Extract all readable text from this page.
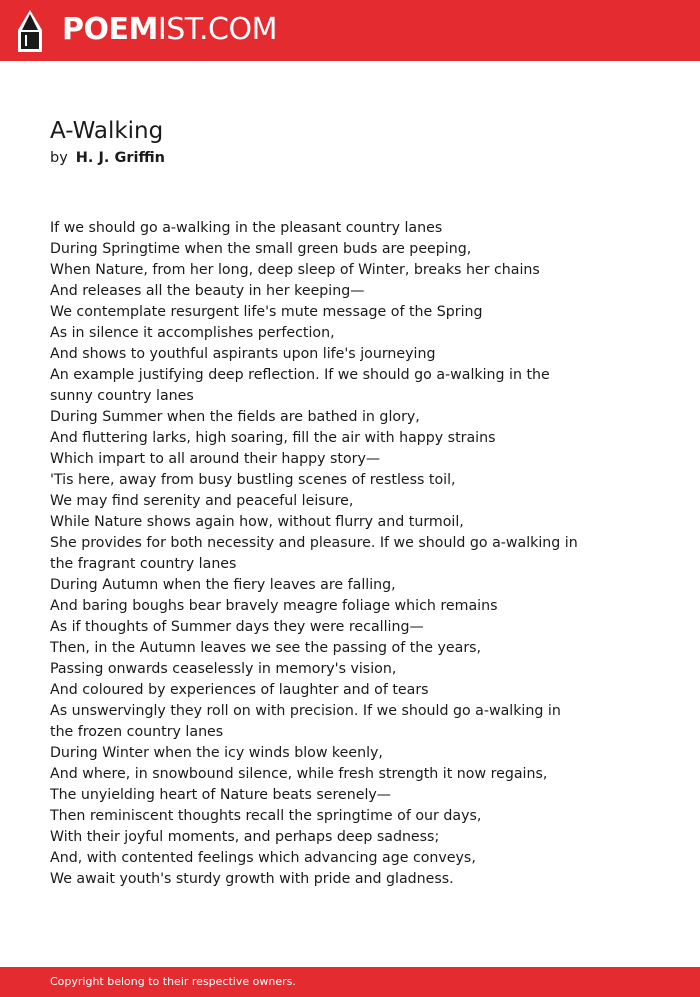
POEMIST.COM
A-Walking
by H. J. Griffin
If we should go a-walking in the pleasant country lanes
During Springtime when the small green buds are peeping,
When Nature, from her long, deep sleep of Winter, breaks her chains
And releases all the beauty in her keeping—
We contemplate resurgent life's mute message of the Spring
As in silence it accomplishes perfection,
And shows to youthful aspirants upon life's journeying
An example justifying deep reflection. If we should go a-walking in the
sunny country lanes
During Summer when the fields are bathed in glory,
And fluttering larks, high soaring, fill the air with happy strains
Which impart to all around their happy story—
'Tis here, away from busy bustling scenes of restless toil,
We may find serenity and peaceful leisure,
While Nature shows again how, without flurry and turmoil,
She provides for both necessity and pleasure. If we should go a-walking in
the fragrant country lanes
During Autumn when the fiery leaves are falling,
And baring boughs bear bravely meagre foliage which remains
As if thoughts of Summer days they were recalling—
Then, in the Autumn leaves we see the passing of the years,
Passing onwards ceaselessly in memory's vision,
And coloured by experiences of laughter and of tears
As unswervingly they roll on with precision. If we should go a-walking in
the frozen country lanes
During Winter when the icy winds blow keenly,
And where, in snowbound silence, while fresh strength it now regains,
The unyielding heart of Nature beats serenely—
Then reminiscent thoughts recall the springtime of our days,
With their joyful moments, and perhaps deep sadness;
And, with contented feelings which advancing age conveys,
We await youth's sturdy growth with pride and gladness.
Copyright belong to their respective owners.
